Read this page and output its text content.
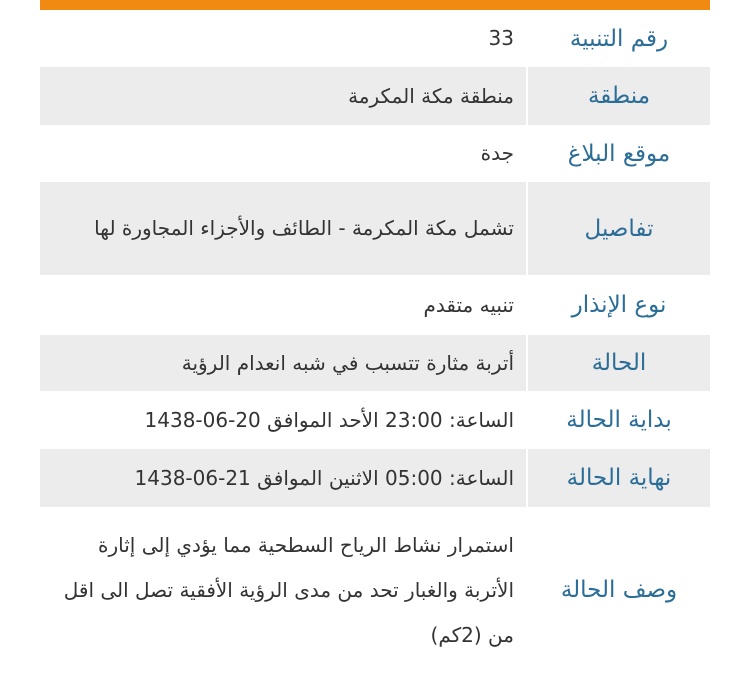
رقم التنبية	33
منطقة	منطقة مكة المكرمة
موقع البلاغ	جدة
تفاصيل	تشمل مكة المكرمة - الطائف والأجزاء المجاورة لها
نوع الإنذار	تنبيه متقدم
الحالة	أتربة مثارة تتسبب في شبه انعدام الرؤية
بداية الحالة	الساعة: 23:00 الأحد الموافق 20-06-1438
نهاية الحالة	الساعة: 05:00 الاثنين الموافق 21-06-1438
وصف الحالة	استمرار نشاط الرياح السطحية مما يؤدي إلى إثارة الأتربة والغبار تحد من مدى الرؤية الأفقية تصل الى اقل من (2كم)
